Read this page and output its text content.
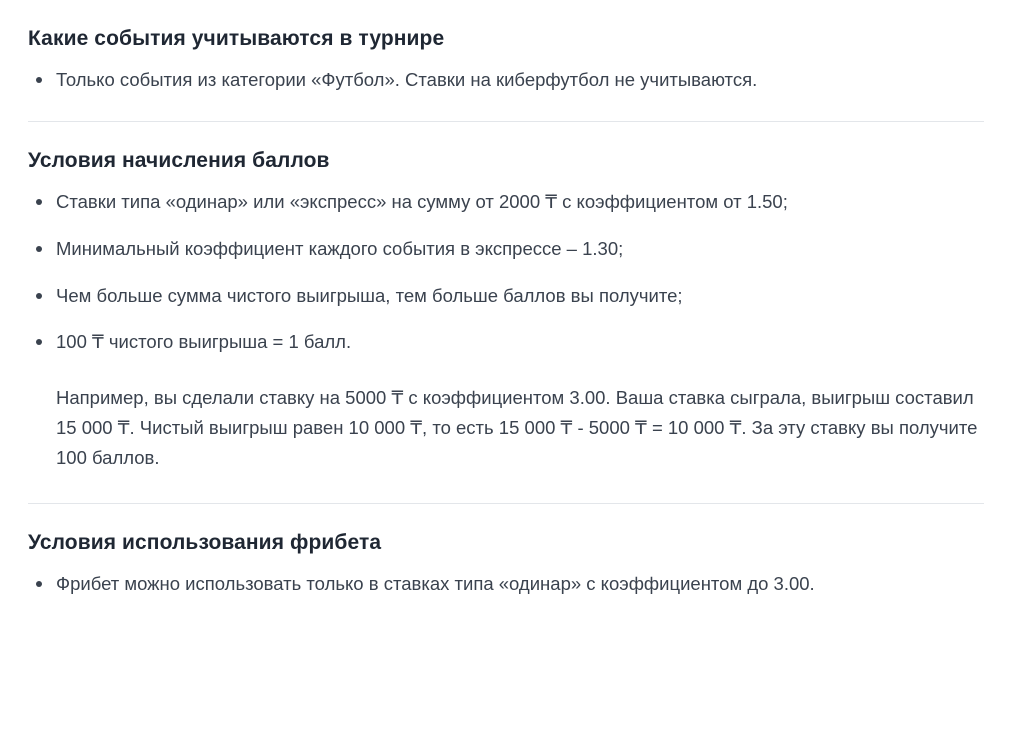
Какие события учитываются в турнире
Только события из категории «Футбол». Ставки на киберфутбол не учитываются.
Условия начисления баллов
Ставки типа «одинар» или «экспресс» на сумму от 2000 ₸ с коэффициентом от 1.50;
Минимальный коэффициент каждого события в экспрессе – 1.30;
Чем больше сумма чистого выигрыша, тем больше баллов вы получите;
100 ₸ чистого выигрыша = 1 балл.

Например, вы сделали ставку на 5000 ₸ с коэффициентом 3.00. Ваша ставка сыграла, выигрыш составил 15 000 ₸. Чистый выигрыш равен 10 000 ₸, то есть 15 000 ₸ - 5000 ₸ = 10 000 ₸. За эту ставку вы получите 100 баллов.

Условия использования фрибета
Фрибет можно использовать только в ставках типа «одинар» с коэффициентом до 3.00.
